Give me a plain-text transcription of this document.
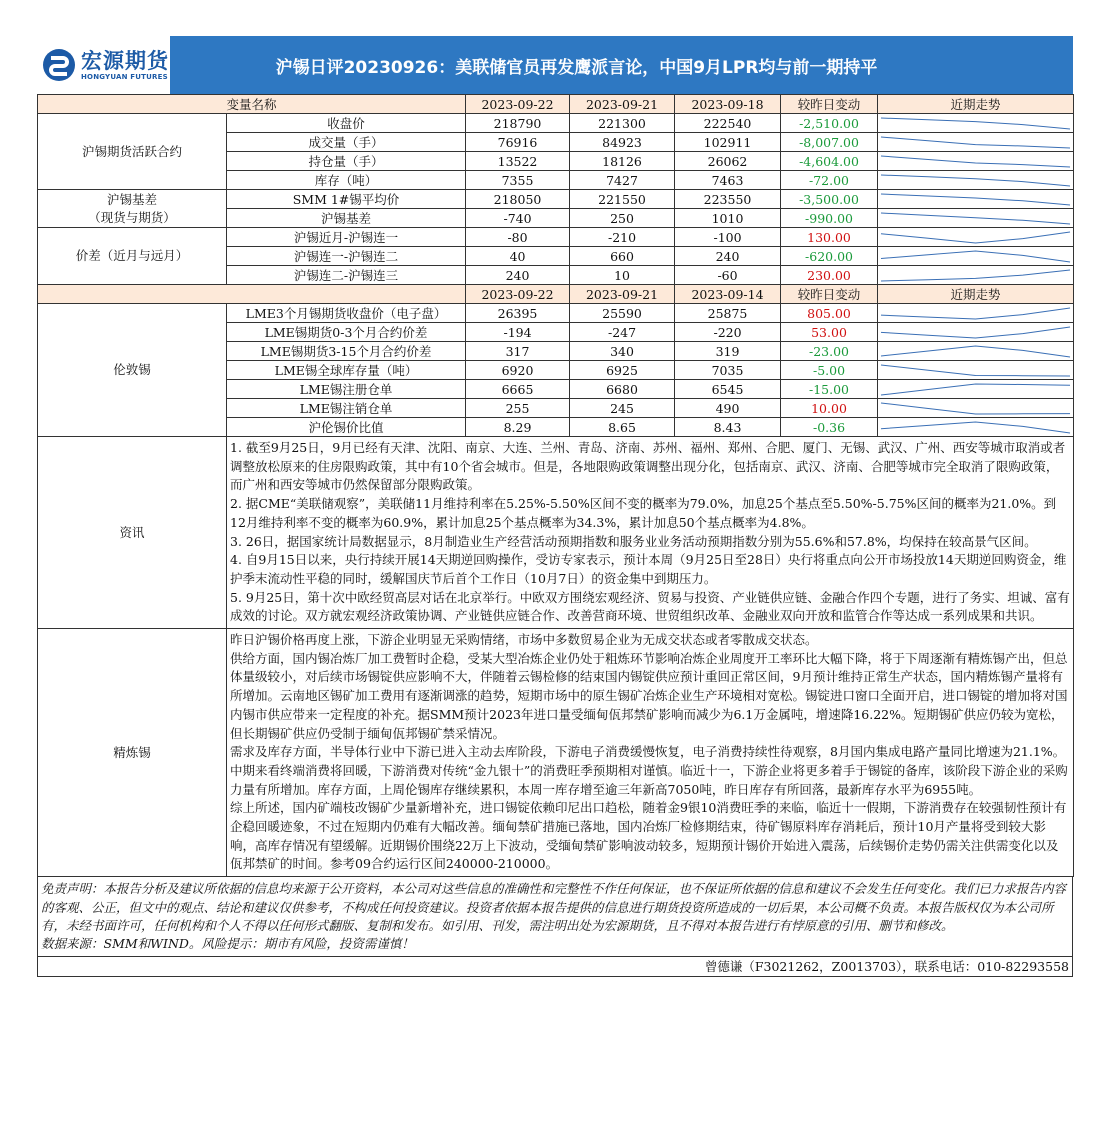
宏源期货
HONGYUAN FUTURES	沪锡日评20230926：美联储官员再发鹰派言论，中国9月LPR均与前一期持平
变量名称		2023-09-22	2023-09-21	2023-09-18	较昨日变动	近期走势

沪锡期货活跃合约	收盘价	218790	221300	222540	-2,510.00	

	成交量（手）	76916	84923	102911	-8,007.00	

	持仓量（手）	13522	18126	26062	-4,604.00	

	库存（吨）	7355	7427	7463	-72.00	

沪锡基差
（现货与期货）	SMM 1#锡平均价	218050	221550	223550	-3,500.00	

	沪锡基差	-740	250	1010	-990.00	

价差（近月与远月）	沪锡近月-沪锡连一	-80	-210	-100	130.00	

	沪锡连一-沪锡连二	40	660	240	-620.00	

	沪锡连二-沪锡连三	240	10	-60	230.00	

		2023-09-22	2023-09-21	2023-09-14	较昨日变动	近期走势

伦敦锡	LME3个月锡期货收盘价（电子盘）	26395	25590	25875	805.00	

	LME锡期货0-3个月合约价差	-194	-247	-220	53.00	

	LME锡期货3-15个月合约价差	317	340	319	-23.00	

	LME锡全球库存量（吨）	6920	6925	7035	-5.00	

	LME锡注册仓单	6665	6680	6545	-15.00	

	LME锡注销仓单	255	245	490	10.00	

	沪伦锡价比值	8.29	8.65	8.43	-0.36	

资讯	1. 截至9月25日，9月已经有天津、沈阳、南京、大连、兰州、青岛、济南、苏州、福州、郑州、合肥、厦门、无锡、武汉、广州、西安等城市取消或者调整放松原来的住房限购政策，其中有10个省会城市。但是，各地限购政策调整出现分化，包括南京、武汉、济南、合肥等城市完全取消了限购政策，而广州和西安等城市仍然保留部分限购政策。

2. 据CME“美联储观察”，美联储11月维持利率在5.25%-5.50%区间不变的概率为79.0%，加息25个基点至5.50%-5.75%区间的概率为21.0%。到12月维持利率不变的概率为60.9%，累计加息25个基点概率为34.3%，累计加息50个基点概率为4.8%。

3. 26日，据国家统计局数据显示，8月制造业生产经营活动预期指数和服务业业务活动预期指数分别为55.6%和57.8%，均保持在较高景气区间。

4. 自9月15日以来，央行持续开展14天期逆回购操作，受访专家表示，预计本周（9月25日至28日）央行将重点向公开市场投放14天期逆回购资金，维护季末流动性平稳的同时，缓解国庆节后首个工作日（10月7日）的资金集中到期压力。

5. 9月25日，第十次中欧经贸高层对话在北京举行。中欧双方围绕宏观经济、贸易与投资、产业链供应链、金融合作四个专题，进行了务实、坦诚、富有成效的讨论。双方就宏观经济政策协调、产业链供应链合作、改善营商环境、世贸组织改革、金融业双向开放和监管合作等达成一系列成果和共识。					

精炼锡	昨日沪锡价格再度上涨，下游企业明显无采购情绪，市场中多数贸易企业为无成交状态或者零散成交状态。

供给方面，国内锡冶炼厂加工费暂时企稳，受某大型冶炼企业仍处于粗炼环节影响冶炼企业周度开工率环比大幅下降，将于下周逐渐有精炼锡产出，但总体量级较小，对后续市场锡锭供应影响不大，伴随着云锡检修的结束国内锡锭供应预计重回正常区间，9月预计维持正常生产状态，国内精炼锡产量将有所增加。云南地区锡矿加工费用有逐渐调涨的趋势，短期市场中的原生锡矿冶炼企业生产环境相对宽松。锡锭进口窗口全面开启，进口锡锭的增加将对国内锡市供应带来一定程度的补充。据SMM预计2023年进口量受缅甸佤邦禁矿影响而减少为6.1万金属吨，增速降16.22%。短期锡矿供应仍较为宽松，但长期锡矿供应仍受制于缅甸佤邦锡矿禁采情况。

需求及库存方面，半导体行业中下游已进入主动去库阶段，下游电子消费缓慢恢复，电子消费持续性待观察，8月国内集成电路产量同比增速为21.1%。

中期来看终端消费将回暖，下游消费对传统“金九银十”的消费旺季预期相对谨慎。临近十一，下游企业将更多着手于锡锭的备库，该阶段下游企业的采购力量有所增加。库存方面，上周伦锡库存继续累积，本周一库存增至逾三年新高7050吨，昨日库存有所回落，最新库存水平为6955吨。

综上所述，国内矿端枝改锡矿少量新增补充，进口锡锭依赖印尼出口趋松，随着金9银10消费旺季的来临，临近十一假期，下游消费存在较强韧性预计有企稳回暖迹象，不过在短期内仍难有大幅改善。缅甸禁矿措施已落地，国内冶炼厂检修期结束，待矿锡原料库存消耗后，预计10月产量将受到较大影响，高库存情况有望缓解。近期锡价围绕22万上下波动，受缅甸禁矿影响波动较多，短期预计锡价开始进入震荡，后续锡价走势仍需关注供需变化以及佤邦禁矿的时间。参考09合约运行区间240000-210000。					

免责声明：本报告分析及建议所依据的信息均来源于公开资料，本公司对这些信息的准确性和完整性不作任何保证，也不保证所依据的信息和建议不会发生任何变化。我们已力求报告内容的客观、公正，但文中的观点、结论和建议仅供参考，不构成任何投资建议。投资者依据本报告提供的信息进行期货投资所造成的一切后果，本公司概不负责。本报告版权仅为本公司所有，未经书面许可，任何机构和个人不得以任何形式翻版、复制和发布。如引用、刊发，需注明出处为宏源期货，且不得对本报告进行有悖原意的引用、删节和修改。

数据来源：SMM和WIND。风险提示：期市有风险，投资需谨慎！

曾德谦（F3021262，Z0013703），联系电话：010-82293558
